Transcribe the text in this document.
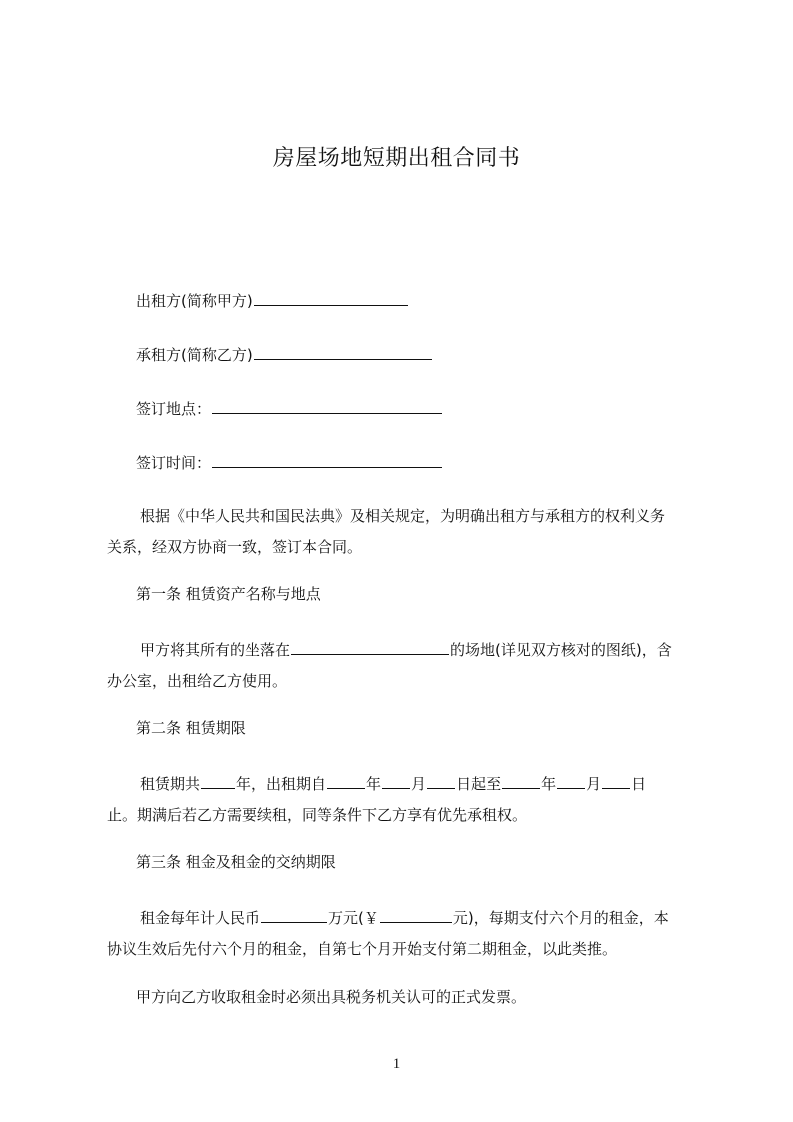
房屋场地短期出租合同书
出租方(简称甲方)
承租方(简称乙方)
签订地点：
签订时间：
根据《中华人民共和国民法典》及相关规定，为明确出租方与承租方的权利义务
关系，经双方协商一致，签订本合同。
第一条 租赁资产名称与地点
甲方将其所有的坐落在	的场地(详见双方核对的图纸)，含
办公室，出租给乙方使用。
第二条 租赁期限
租赁期共 年，出租期自	年 月 日起至	年 月 日
止。期满后若乙方需要续租，同等条件下乙方享有优先承租权。
第三条 租金及租金的交纳期限
租金每年计人民币	万元(￥	元)，每期支付六个月的租金，本
协议生效后先付六个月的租金，自第七个月开始支付第二期租金，以此类推。
甲方向乙方收取租金时必须出具税务机关认可的正式发票。
1
